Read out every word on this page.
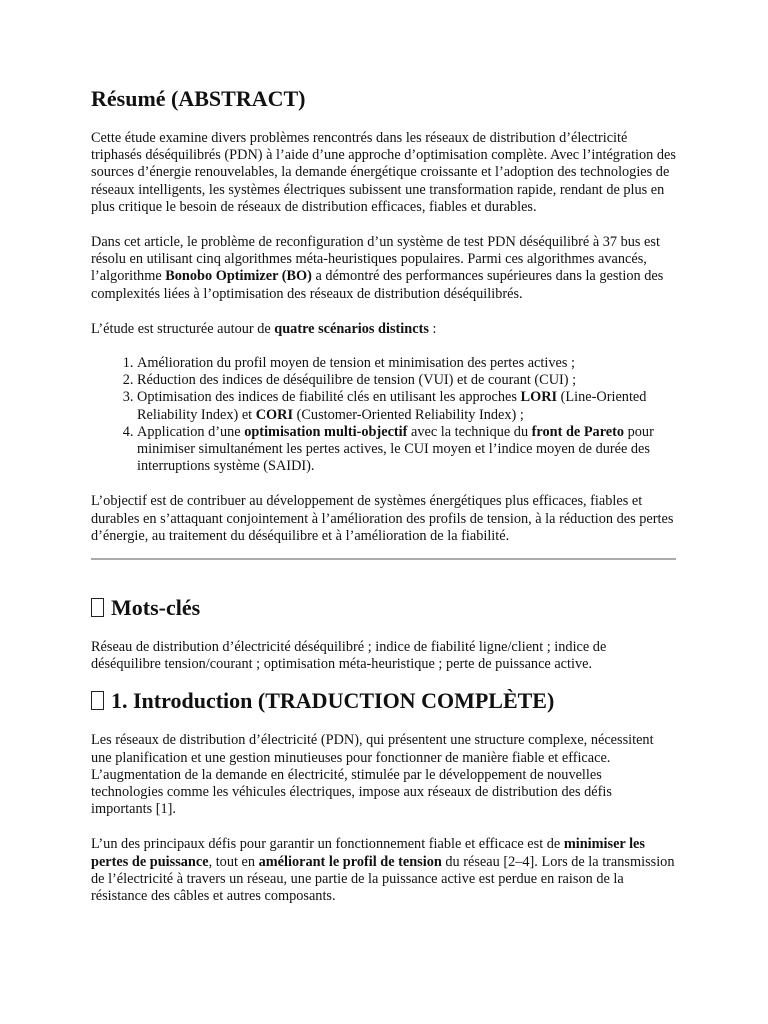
Résumé (ABSTRACT)

Cette étude examine divers problèmes rencontrés dans les réseaux de distribution d’électricité triphasés déséquilibrés (PDN) à l’aide d’une approche d’optimisation complète. Avec l’intégration des sources d’énergie renouvelables, la demande énergétique croissante et l’adoption des technologies de réseaux intelligents, les systèmes électriques subissent une transformation rapide, rendant de plus en plus critique le besoin de réseaux de distribution efficaces, fiables et durables.

Dans cet article, le problème de reconfiguration d’un système de test PDN déséquilibré à 37 bus est résolu en utilisant cinq algorithmes méta-heuristiques populaires. Parmi ces algorithmes avancés, l’algorithme Bonobo Optimizer (BO) a démontré des performances supérieures dans la gestion des complexités liées à l’optimisation des réseaux de distribution déséquilibrés.

L’étude est structurée autour de quatre scénarios distincts :

1. Amélioration du profil moyen de tension et minimisation des pertes actives ;
2. Réduction des indices de déséquilibre de tension (VUI) et de courant (CUI) ;
3. Optimisation des indices de fiabilité clés en utilisant les approches LORI (Line-Oriented Reliability Index) et CORI (Customer-Oriented Reliability Index) ;
4. Application d’une optimisation multi-objectif avec la technique du front de Pareto pour minimiser simultanément les pertes actives, le CUI moyen et l’indice moyen de durée des interruptions système (SAIDI).

L’objectif est de contribuer au développement de systèmes énergétiques plus efficaces, fiables et durables en s’attaquant conjointement à l’amélioration des profils de tension, à la réduction des pertes d’énergie, au traitement du déséquilibre et à l’amélioration de la fiabilité.

Mots-clés

Réseau de distribution d’électricité déséquilibré ; indice de fiabilité ligne/client ; indice de déséquilibre tension/courant ; optimisation méta-heuristique ; perte de puissance active.

1. Introduction (TRADUCTION COMPLÈTE)

Les réseaux de distribution d’électricité (PDN), qui présentent une structure complexe, nécessitent une planification et une gestion minutieuses pour fonctionner de manière fiable et efficace. L’augmentation de la demande en électricité, stimulée par le développement de nouvelles technologies comme les véhicules électriques, impose aux réseaux de distribution des défis importants [1].

L’un des principaux défis pour garantir un fonctionnement fiable et efficace est de minimiser les pertes de puissance, tout en améliorant le profil de tension du réseau [2–4]. Lors de la transmission de l’électricité à travers un réseau, une partie de la puissance active est perdue en raison de la résistance des câbles et autres composants.
